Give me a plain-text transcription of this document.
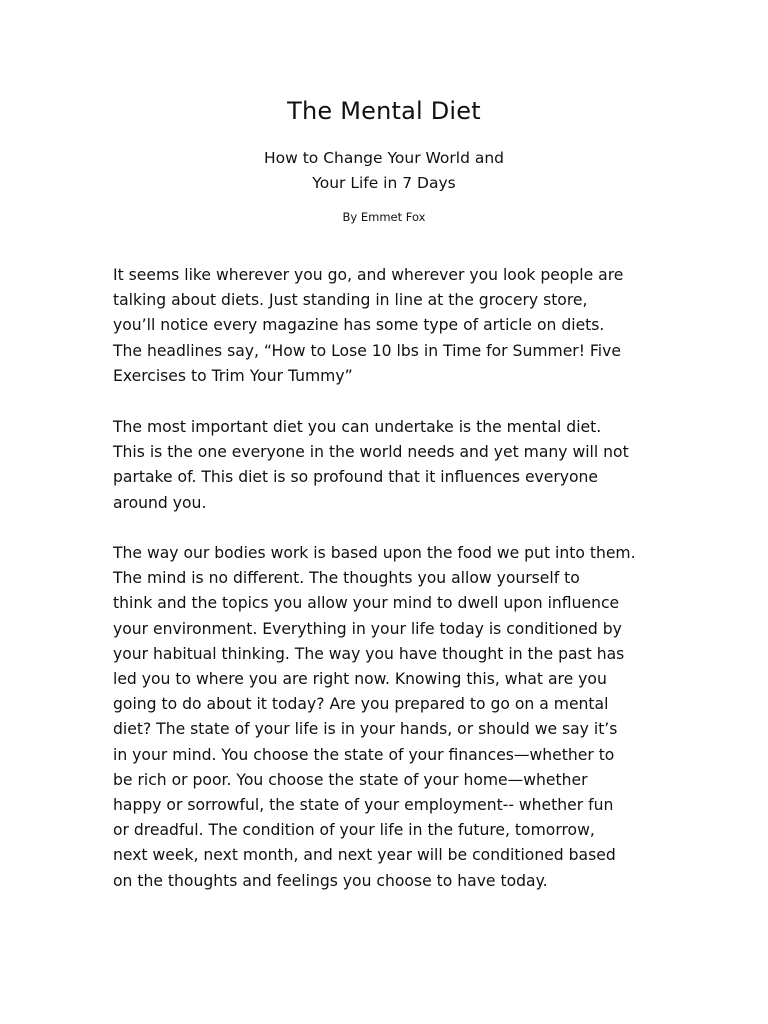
The Mental Diet
How to Change Your World and
Your Life in 7 Days
By Emmet Fox
It seems like wherever you go, and wherever you look people are
talking about diets. Just standing in line at the grocery store,
you’ll notice every magazine has some type of article on diets.
The headlines say, “How to Lose 10 lbs in Time for Summer! Five
Exercises to Trim Your Tummy”
The most important diet you can undertake is the mental diet.
This is the one everyone in the world needs and yet many will not
partake of. This diet is so profound that it influences everyone
around you.
The way our bodies work is based upon the food we put into them.
The mind is no different. The thoughts you allow yourself to
think and the topics you allow your mind to dwell upon influence
your environment. Everything in your life today is conditioned by
your habitual thinking. The way you have thought in the past has
led you to where you are right now. Knowing this, what are you
going to do about it today? Are you prepared to go on a mental
diet? The state of your life is in your hands, or should we say it’s
in your mind. You choose the state of your finances—whether to
be rich or poor. You choose the state of your home—whether
happy or sorrowful, the state of your employment-- whether fun
or dreadful. The condition of your life in the future, tomorrow,
next week, next month, and next year will be conditioned based
on the thoughts and feelings you choose to have today.
